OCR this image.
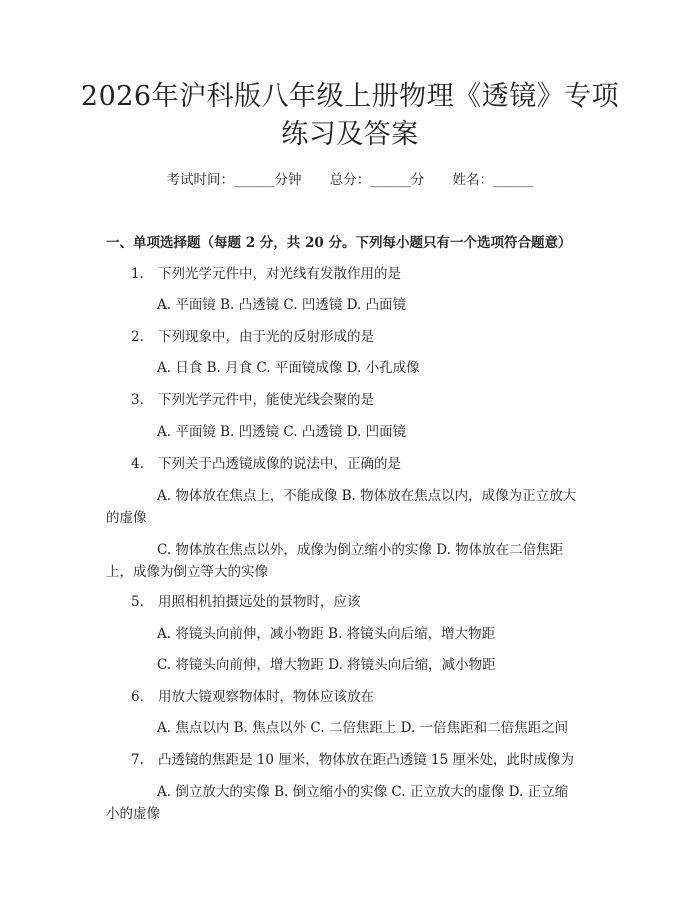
2026年沪科版八年级上册物理《透镜》专项
练习及答案
考试时间：______分钟 总分：______分 姓名：______
一、单项选择题（每题 2 分，共 20 分。下列每小题只有一个选项符合题意）
1. 下列光学元件中，对光线有发散作用的是
A. 平面镜 B. 凸透镜 C. 凹透镜 D. 凸面镜
2. 下列现象中，由于光的反射形成的是
A. 日食 B. 月食 C. 平面镜成像 D. 小孔成像
3. 下列光学元件中，能使光线会聚的是
A. 平面镜 B. 凹透镜 C. 凸透镜 D. 凹面镜
4. 下列关于凸透镜成像的说法中，正确的是
A. 物体放在焦点上，不能成像 B. 物体放在焦点以内，成像为正立放大
的虚像
C. 物体放在焦点以外，成像为倒立缩小的实像 D. 物体放在二倍焦距
上，成像为倒立等大的实像
5. 用照相机拍摄远处的景物时，应该
A. 将镜头向前伸，减小物距 B. 将镜头向后缩，增大物距
C. 将镜头向前伸，增大物距 D. 将镜头向后缩，减小物距
6. 用放大镜观察物体时，物体应该放在
A. 焦点以内 B. 焦点以外 C. 二倍焦距上 D. 一倍焦距和二倍焦距之间
7. 凸透镜的焦距是 10 厘米，物体放在距凸透镜 15 厘米处，此时成像为
A. 倒立放大的实像 B. 倒立缩小的实像 C. 正立放大的虚像 D. 正立缩
小的虚像
